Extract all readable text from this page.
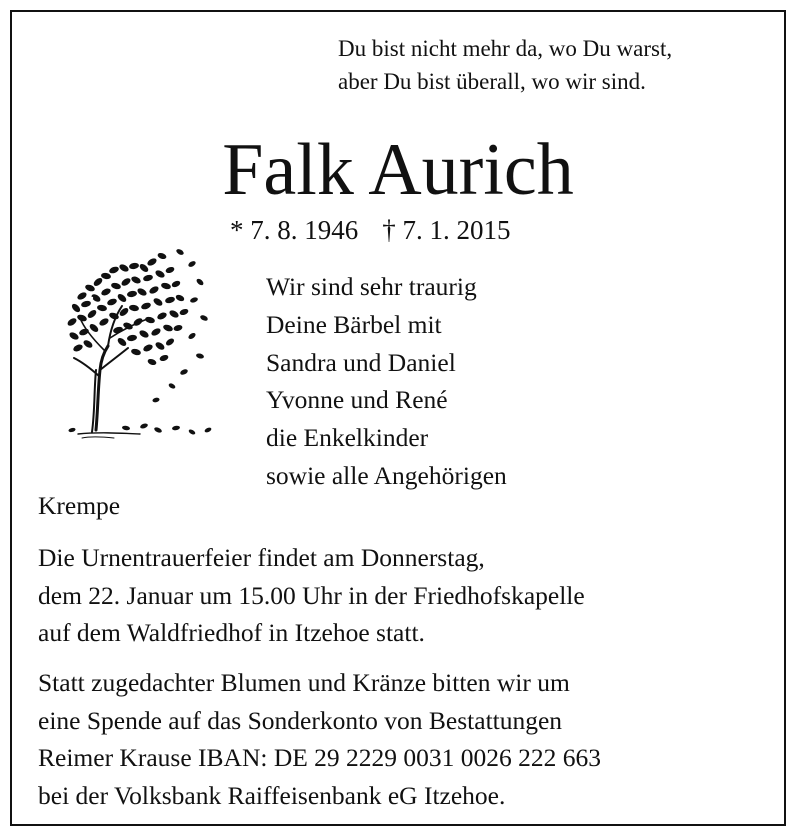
Du bist nicht mehr da, wo Du warst,
aber Du bist überall, wo wir sind.
Falk Aurich
* 7. 8. 1946 † 7. 1. 2015
Wir sind sehr traurig
Deine Bärbel mit
Sandra und Daniel
Yvonne und René
die Enkelkinder
sowie alle Angehörigen
Krempe
Die Urnentrauerfeier findet am Donnerstag,
dem 22. Januar um 15.00 Uhr in der Friedhofskapelle
auf dem Waldfriedhof in Itzehoe statt.
Statt zugedachter Blumen und Kränze bitten wir um
eine Spende auf das Sonderkonto von Bestattungen
Reimer Krause IBAN: DE 29 2229 0031 0026 222 663
bei der Volksbank Raiffeisenbank eG Itzehoe.
